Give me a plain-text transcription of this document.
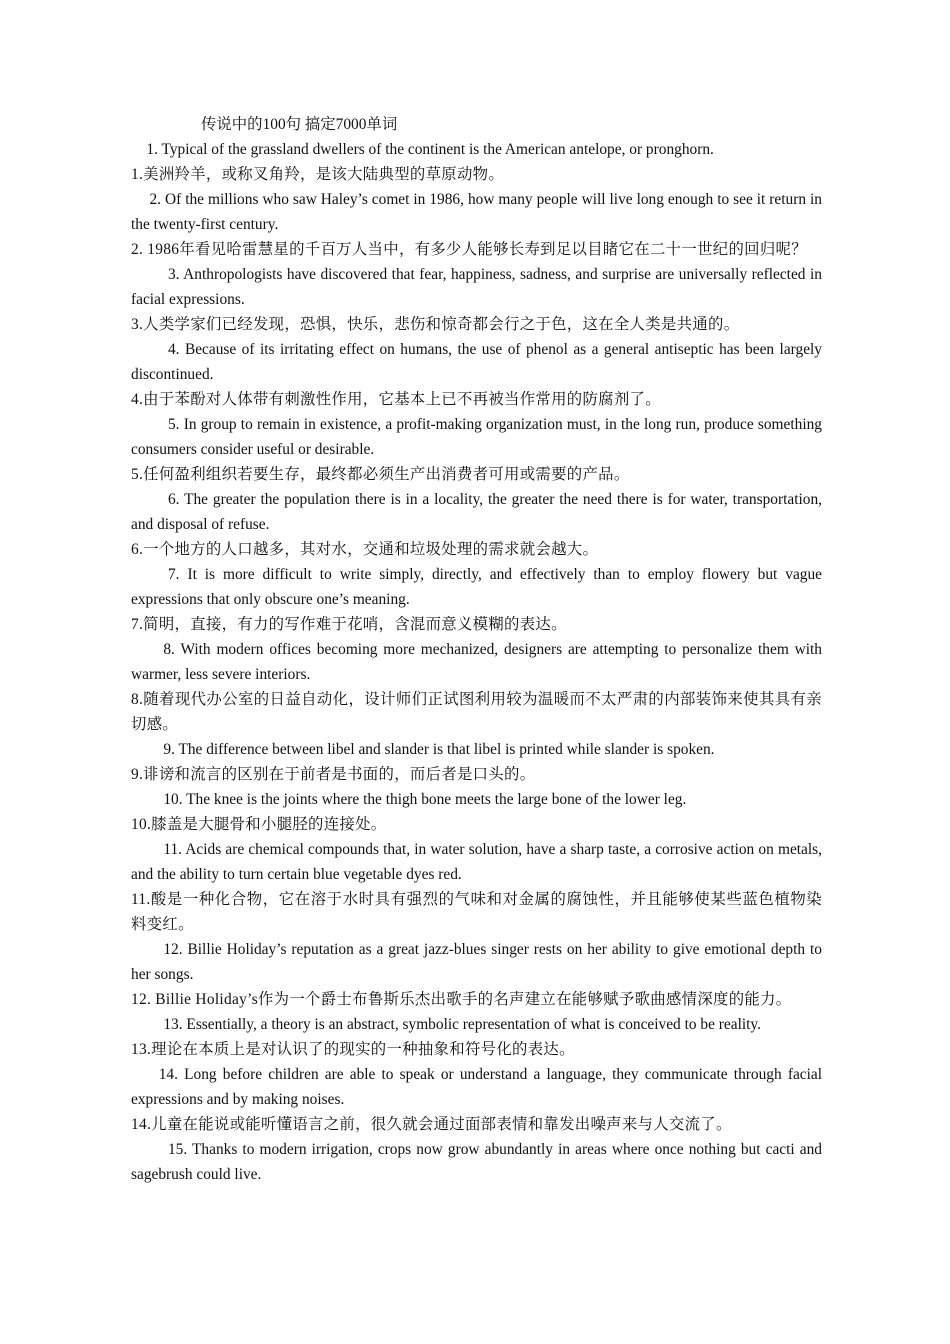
传说中的100句 搞定7000单词

1. Typical of the grassland dwellers of the continent is the American antelope, or pronghorn.

1.美洲羚羊，或称叉角羚，是该大陆典型的草原动物。

2. Of the millions who saw Haley’s comet in 1986, how many people will live long enough to see it return in the twenty-first century.

2. 1986年看见哈雷慧星的千百万人当中，有多少人能够长寿到足以目睹它在二十一世纪的回归呢？

3. Anthropologists have discovered that fear, happiness, sadness, and surprise are universally reflected in facial expressions.

3.人类学家们已经发现，恐惧，快乐，悲伤和惊奇都会行之于色，这在全人类是共通的。

4. Because of its irritating effect on humans, the use of phenol as a general antiseptic has been largely discontinued.

4.由于苯酚对人体带有刺激性作用，它基本上已不再被当作常用的防腐剂了。

5. In group to remain in existence, a profit-making organization must, in the long run, produce something consumers consider useful or desirable.

5.任何盈利组织若要生存，最终都必须生产出消费者可用或需要的产品。

6. The greater the population there is in a locality, the greater the need there is for water, transportation, and disposal of refuse.

6.一个地方的人口越多，其对水，交通和垃圾处理的需求就会越大。

7. It is more difficult to write simply, directly, and effectively than to employ flowery but vague expressions that only obscure one’s meaning.

7.简明，直接，有力的写作难于花哨，含混而意义模糊的表达。

8. With modern offices becoming more mechanized, designers are attempting to personalize them with warmer, less severe interiors.

8.随着现代办公室的日益自动化，设计师们正试图利用较为温暖而不太严肃的内部装饰来使其具有亲切感。

9. The difference between libel and slander is that libel is printed while slander is spoken.

9.诽谤和流言的区别在于前者是书面的，而后者是口头的。

10. The knee is the joints where the thigh bone meets the large bone of the lower leg.

10.膝盖是大腿骨和小腿胫的连接处。

11. Acids are chemical compounds that, in water solution, have a sharp taste, a corrosive action on metals, and the ability to turn certain blue vegetable dyes red.

11.酸是一种化合物，它在溶于水时具有强烈的气味和对金属的腐蚀性，并且能够使某些蓝色植物染料变红。

12. Billie Holiday’s reputation as a great jazz-blues singer rests on her ability to give emotional depth to her songs.

12. Billie Holiday’s作为一个爵士布鲁斯乐杰出歌手的名声建立在能够赋予歌曲感情深度的能力。

13. Essentially, a theory is an abstract, symbolic representation of what is conceived to be reality.

13.理论在本质上是对认识了的现实的一种抽象和符号化的表达。

14. Long before children are able to speak or understand a language, they communicate through facial expressions and by making noises.

14.儿童在能说或能听懂语言之前，很久就会通过面部表情和靠发出噪声来与人交流了。

15. Thanks to modern irrigation, crops now grow abundantly in areas where once nothing but cacti and sagebrush could live.
